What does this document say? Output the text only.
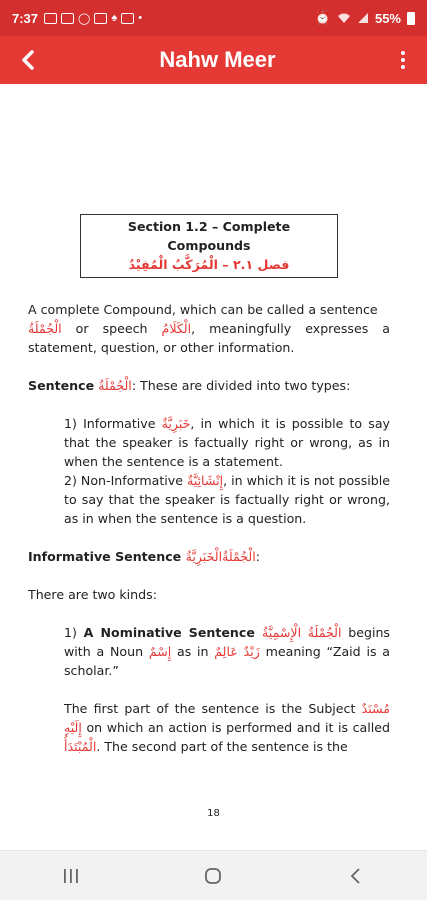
7:37	◯ ♠ •	⏰	55%
Nahw Meer
Section 1.2 – Complete Compounds
فصل ٢.١ – الْمُرَكَّبُ الْمُفِيْدُ

A complete Compound, which can be called a sentence
الْجُمْلَةُ or speech الْكَلَامُ, meaningfully expresses a statement, question, or other information.

Sentence الْجُمْلَةُ: These are divided into two types:

1) Informative خَبَرِيَّةٌ, in which it is possible to say that the speaker is factually right or wrong, as in when the sentence is a statement.

2) Non-Informative إِنْشَائِيَّةٌ, in which it is not possible to say that the speaker is factually right or wrong, as in when the sentence is a question.

Informative Sentence الْجُمْلَةُالْخَبَرِيَّةُ:

There are two kinds:

1) A Nominative Sentence الْجُمْلَةُ الْإِسْمِيَّةُ begins with a Noun إِسْمٌ as in زَيْدٌ عَالِمٌ meaning “Zaid is a scholar.”

The first part of the sentence is the Subject مُسْنَدٌ إِلَيْهِ on which an action is performed and it is called الْمُبْتَدَأُ. The second part of the sentence is the

18
